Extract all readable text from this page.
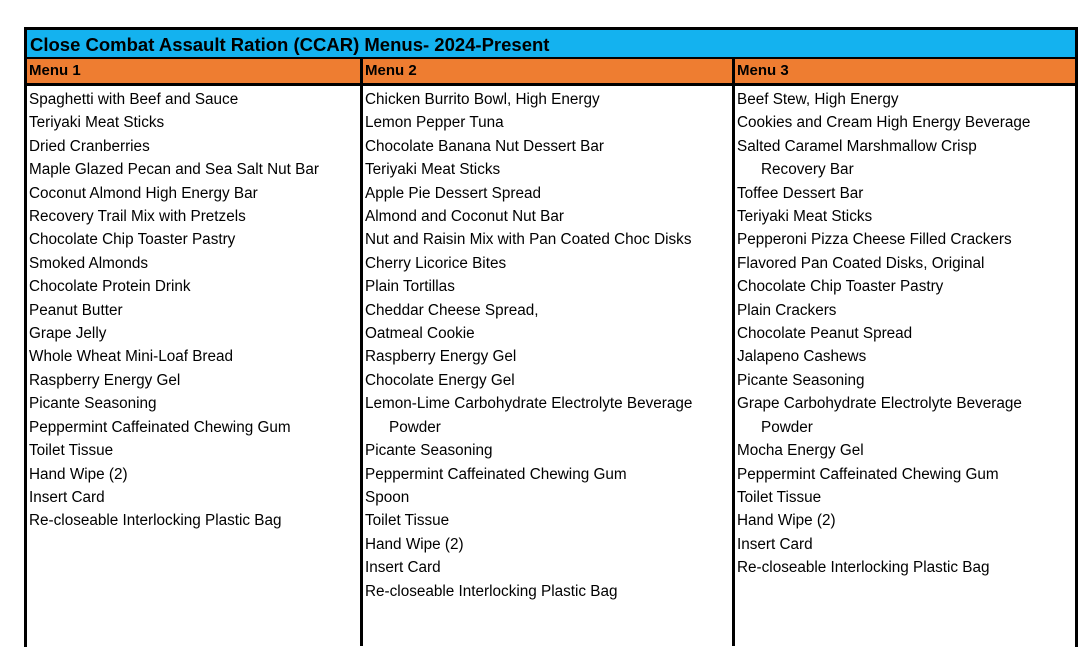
Close Combat Assault Ration (CCAR) Menus- 2024-Present
Menu 1	Menu 2	Menu 3
Spaghetti with Beef and Sauce
Teriyaki Meat Sticks
Dried Cranberries
Maple Glazed Pecan and Sea Salt Nut Bar
Coconut Almond High Energy Bar
Recovery Trail Mix with Pretzels
Chocolate Chip Toaster Pastry
Smoked Almonds
Chocolate Protein Drink
Peanut Butter
Grape Jelly
Whole Wheat Mini-Loaf Bread
Raspberry Energy Gel
Picante Seasoning
Peppermint Caffeinated Chewing Gum
Toilet Tissue
Hand Wipe (2)
Insert Card
Re-closeable Interlocking Plastic Bag
Chicken Burrito Bowl, High Energy
Lemon Pepper Tuna
Chocolate Banana Nut Dessert Bar
Teriyaki Meat Sticks
Apple Pie Dessert Spread
Almond and Coconut Nut Bar
Nut and Raisin Mix with Pan Coated Choc Disks
Cherry Licorice Bites
Plain Tortillas
Cheddar Cheese Spread,
Oatmeal Cookie
Raspberry Energy Gel
Chocolate Energy Gel
Lemon-Lime Carbohydrate Electrolyte Beverage
Powder
Picante Seasoning
Peppermint Caffeinated Chewing Gum
Spoon
Toilet Tissue
Hand Wipe (2)
Insert Card
Re-closeable Interlocking Plastic Bag
Beef Stew, High Energy
Cookies and Cream High Energy Beverage
Salted Caramel Marshmallow Crisp
Recovery Bar
Toffee Dessert Bar
Teriyaki Meat Sticks
Pepperoni Pizza Cheese Filled Crackers
Flavored Pan Coated Disks, Original
Chocolate Chip Toaster Pastry
Plain Crackers
Chocolate Peanut Spread
Jalapeno Cashews
Picante Seasoning
Grape Carbohydrate Electrolyte Beverage
Powder
Mocha Energy Gel
Peppermint Caffeinated Chewing Gum
Toilet Tissue
Hand Wipe (2)
Insert Card
Re-closeable Interlocking Plastic Bag
